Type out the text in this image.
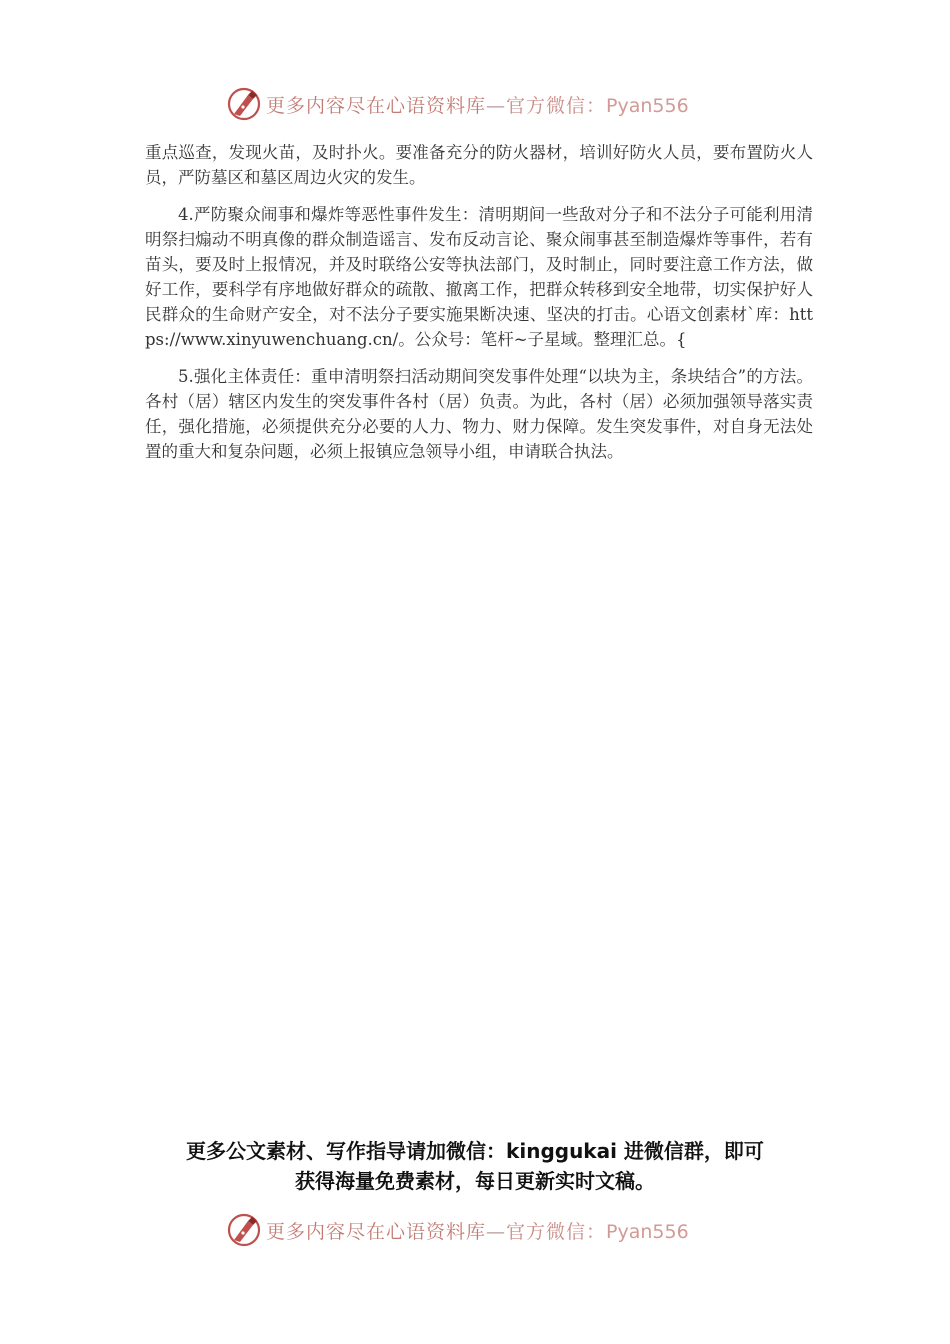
更多内容尽在心语资料库—官方微信：Pyan556

重点巡查，发现火苗，及时扑火。要准备充分的防火器材，培训好防火人员，要布置防火人员，严防墓区和墓区周边火灾的发生。

4.严防聚众闹事和爆炸等恶性事件发生：清明期间一些敌对分子和不法分子可能利用清明祭扫煽动不明真像的群众制造谣言、发布反动言论、聚众闹事甚至制造爆炸等事件，若有苗头，要及时上报情况，并及时联络公安等执法部门，及时制止，同时要注意工作方法，做好工作，要科学有序地做好群众的疏散、撤离工作，把群众转移到安全地带，切实保护好人民群众的生命财产安全，对不法分子要实施果断决速、坚决的打击。心语文创素材`库：https://www.xinyuwenchuang.cn/。公众号：笔杆~子星域。整理汇总。{

5.强化主体责任：重申清明祭扫活动期间突发事件处理“以块为主，条块结合”的方法。各村（居）辖区内发生的突发事件各村（居）负责。为此，各村（居）必须加强领导落实责任，强化措施，必须提供充分必要的人力、物力、财力保障。发生突发事件，对自身无法处置的重大和复杂问题，必须上报镇应急领导小组，申请联合执法。

更多公文素材、写作指导请加微信：kinggukai 进微信群，即可
获得海量免费素材，每日更新实时文稿。
更多内容尽在心语资料库—官方微信：Pyan556
